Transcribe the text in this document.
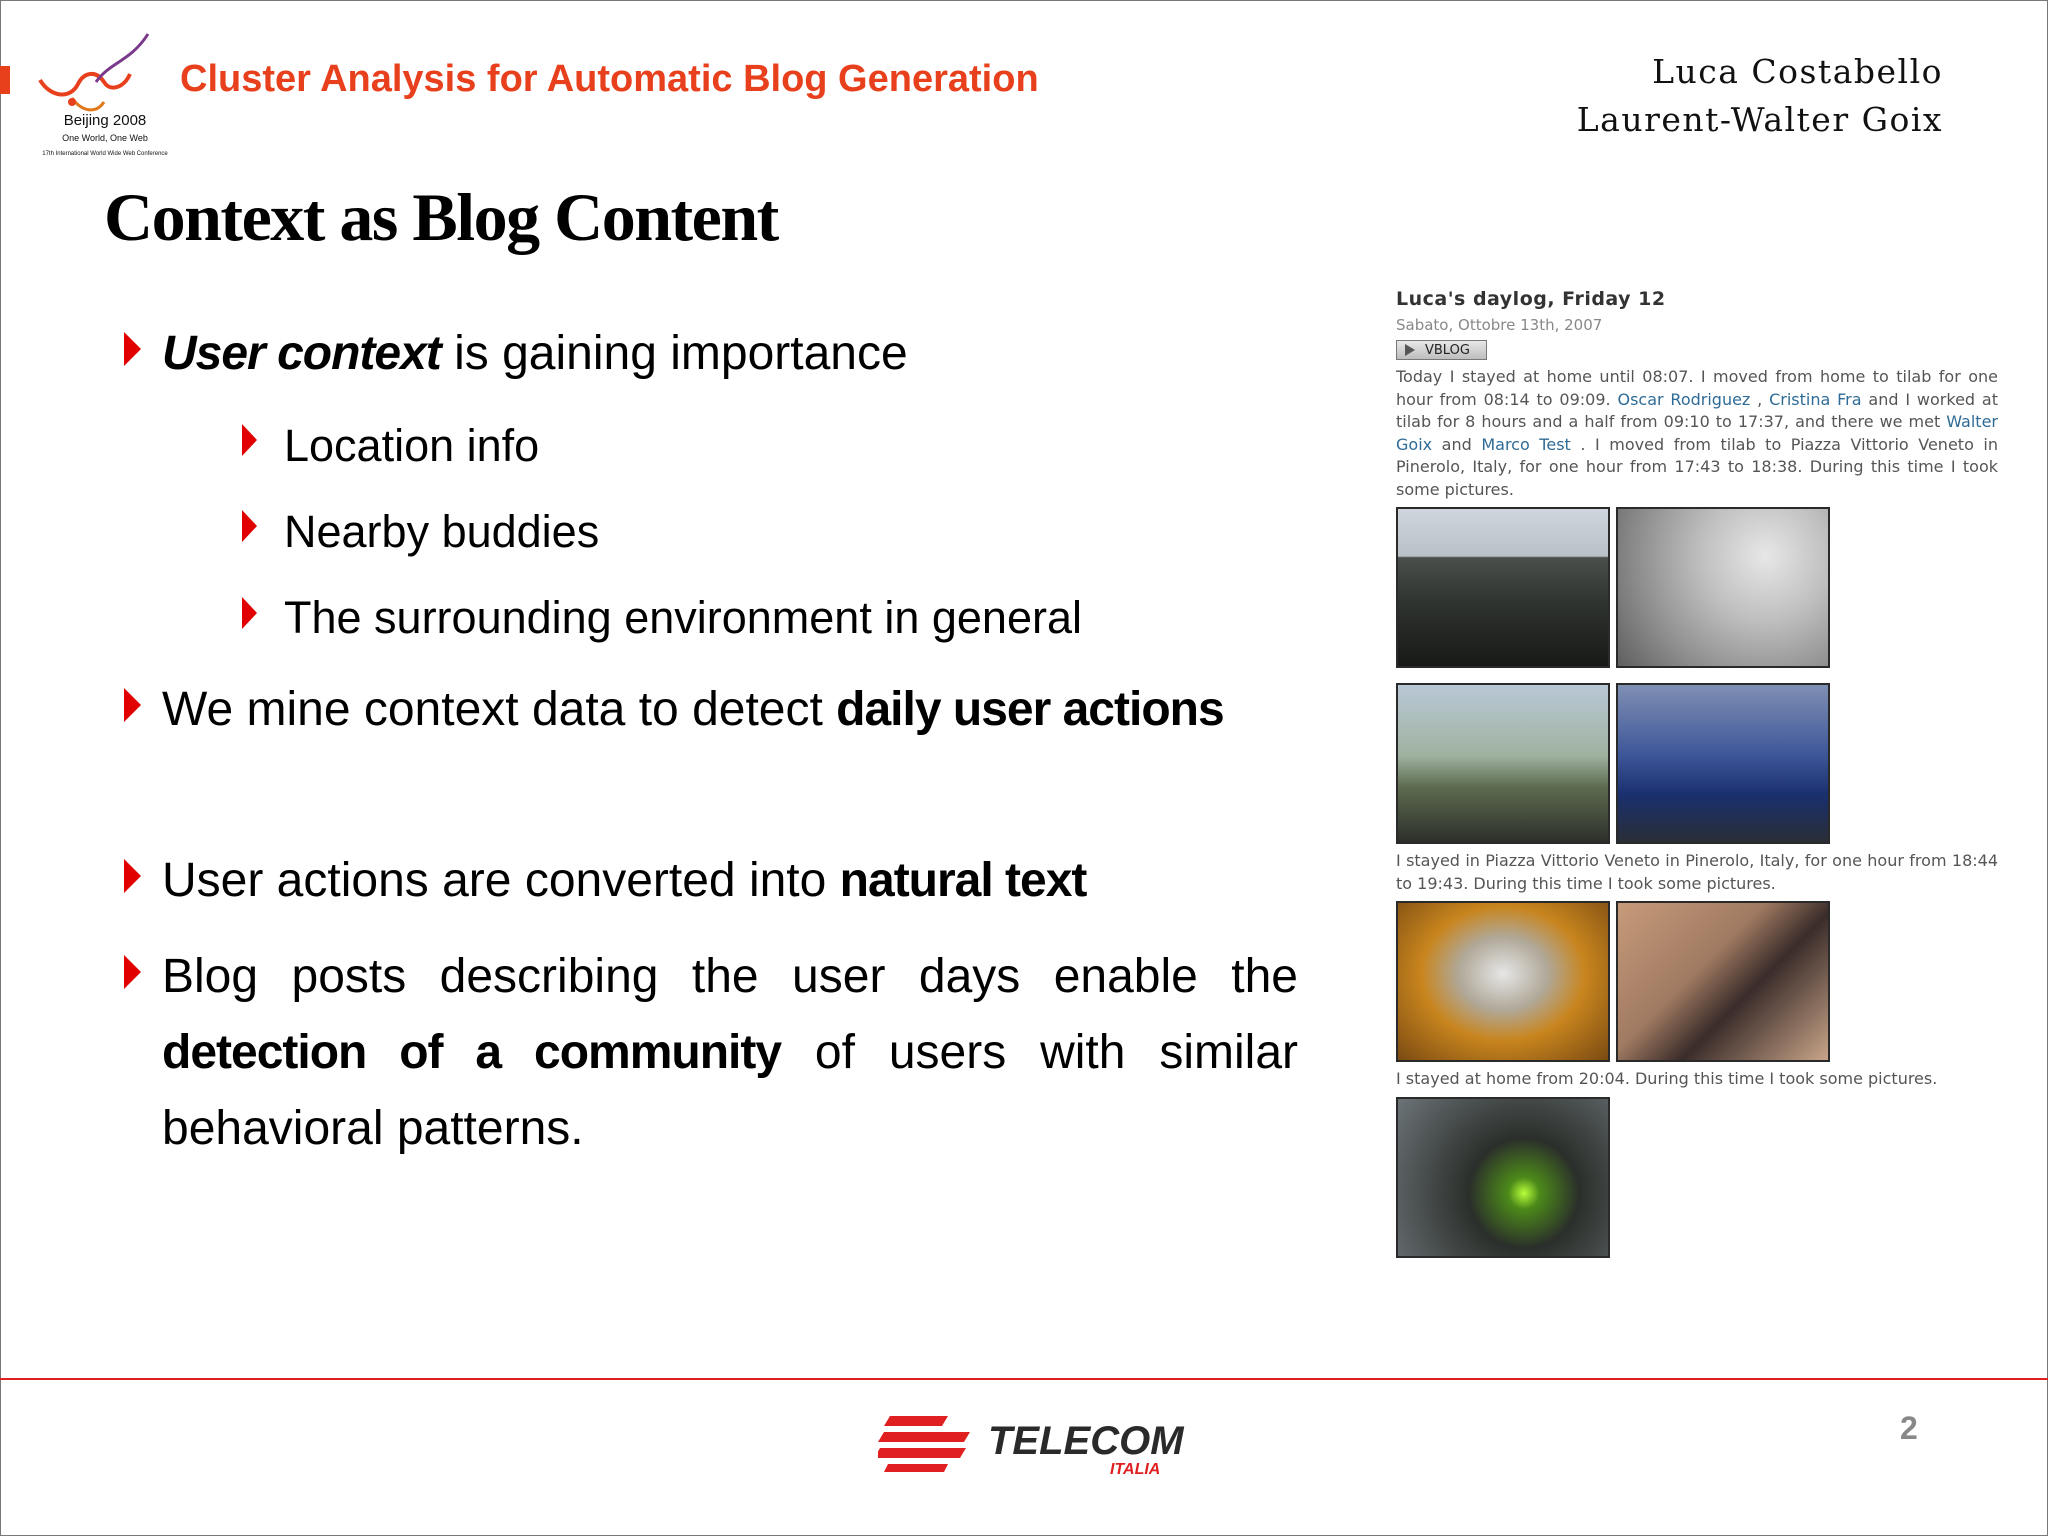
Beijing 2008
One World, One Web
17th International World Wide Web Conference
Cluster Analysis for Automatic Blog Generation	Luca Costabello
Laurent-Walter Goix
Context as Blog Content
User context is gaining importance
Location info
Nearby buddies
The surrounding environment in general
We mine context data to detect daily user actions
User actions are converted into natural text
Blog posts describing the user days enable the detection of a community of users with similar behavioral patterns.
Luca's daylog, Friday 12
Sabato, Ottobre 13th, 2007
VBLOG
Today I stayed at home until 08:07. I moved from home to tilab for one hour from 08:14 to 09:09. Oscar Rodriguez , Cristina Fra and I worked at tilab for 8 hours and a half from 09:10 to 17:37, and there we met Walter Goix and Marco Test . I moved from tilab to Piazza Vittorio Veneto in Pinerolo, Italy, for one hour from 17:43 to 18:38. During this time I took some pictures.
I stayed in Piazza Vittorio Veneto in Pinerolo, Italy, for one hour from 18:44 to 19:43. During this time I took some pictures.
I stayed at home from 20:04. During this time I took some pictures.
TELECOM
ITALIA
2
